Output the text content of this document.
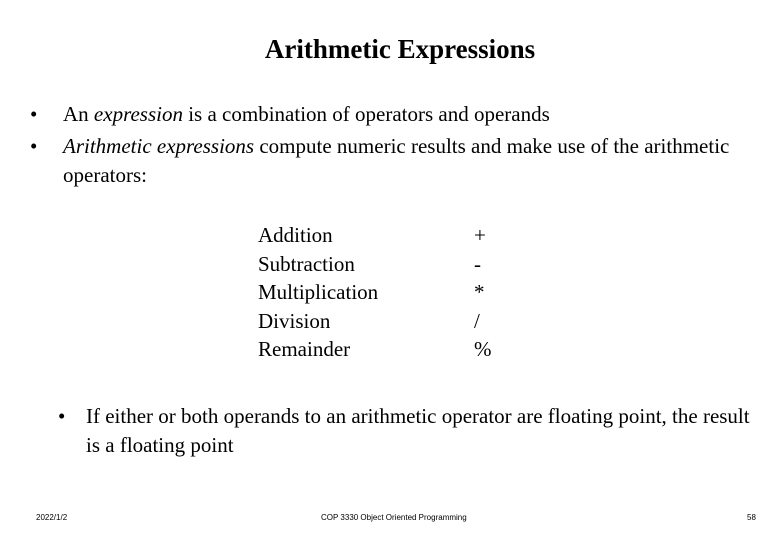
Arithmetic Expressions
• An expression is a combination of operators and operands
• Arithmetic expressions compute numeric results and make use of the arithmetic operators:
Addition	+
Subtraction	-
Multiplication	*
Division	/
Remainder	%
• If either or both operands to an arithmetic operator are floating point, the result is a floating point
2022/1/2	COP 3330 Object Oriented Programming	58
